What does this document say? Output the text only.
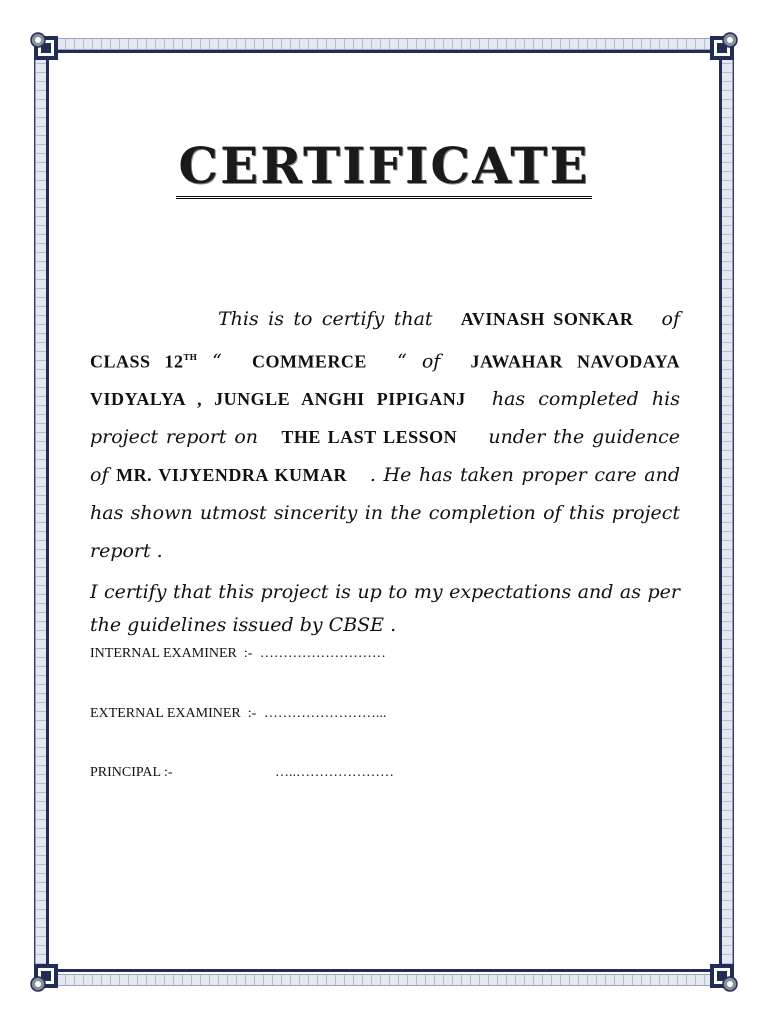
CERTIFICATE
This is to certify that AVINASH SONKAR of CLASS 12TH “ COMMERCE “ of JAWAHAR NAVODAYA VIDYALYA , JUNGLE ANGHI PIPIGANJ has completed his project report on THE LAST LESSON under the guidence of MR. VIJYENDRA KUMAR . He has taken proper care and has shown utmost sincerity in the completion of this project report .
I certify that this project is up to my expectations and as per the guidelines issued by CBSE .
INTERNAL EXAMINER :- ………………………
EXTERNAL EXAMINER :- ……………………...
PRINCIPAL :-	…..…………………
